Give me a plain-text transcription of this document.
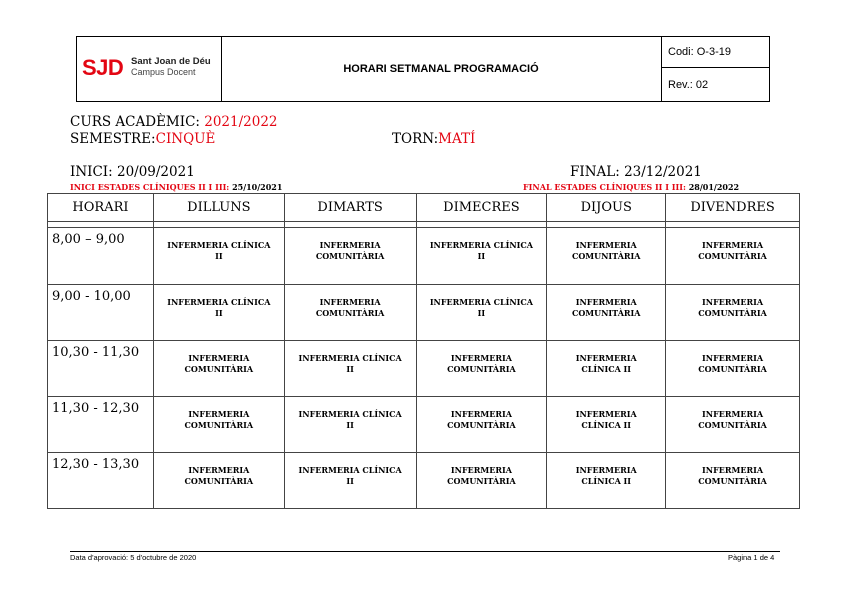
SJD Sant Joan de Déu
Campus Docent	HORARI SETMANAL PROGRAMACIÓ
Codi: O-3-19
Rev.: 02
CURS ACADÈMIC: 2021/2022
SEMESTRE:CINQUÈ	TORN:MATÍ
INICI: 20/09/2021	FINAL: 23/12/2021
INICI ESTADES CLÍNIQUES II I III: 25/10/2021	FINAL ESTADES CLÍNIQUES II I III: 28/01/2022
HORARI	DILLUNS	DIMARTS	DIMECRES	DIJOUS	DIVENDRES

8,00 – 9,00	INFERMERIA CLÍNICA
II	INFERMERIA
COMUNITÀRIA	INFERMERIA CLÍNICA
II	INFERMERIA
COMUNITÀRIA	INFERMERIA
COMUNITÀRIA

9,00 - 10,00	INFERMERIA CLÍNICA
II	INFERMERIA
COMUNITÀRIA	INFERMERIA CLÍNICA
II	INFERMERIA
COMUNITÀRIA	INFERMERIA
COMUNITÀRIA

10,30 - 11,30	INFERMERIA
COMUNITÀRIA	INFERMERIA CLÍNICA
II	INFERMERIA
COMUNITÀRIA	INFERMERIA
CLÍNICA II	INFERMERIA
COMUNITÀRIA

11,30 - 12,30	INFERMERIA
COMUNITÀRIA	INFERMERIA CLÍNICA
II	INFERMERIA
COMUNITÀRIA	INFERMERIA
CLÍNICA II	INFERMERIA
COMUNITÀRIA

12,30 - 13,30	INFERMERIA
COMUNITÀRIA	INFERMERIA CLÍNICA
II	INFERMERIA
COMUNITÀRIA	INFERMERIA
CLÍNICA II	INFERMERIA
COMUNITÀRIA
Data d'aprovació: 5 d'octubre de 2020	Pàgina 1 de 4
